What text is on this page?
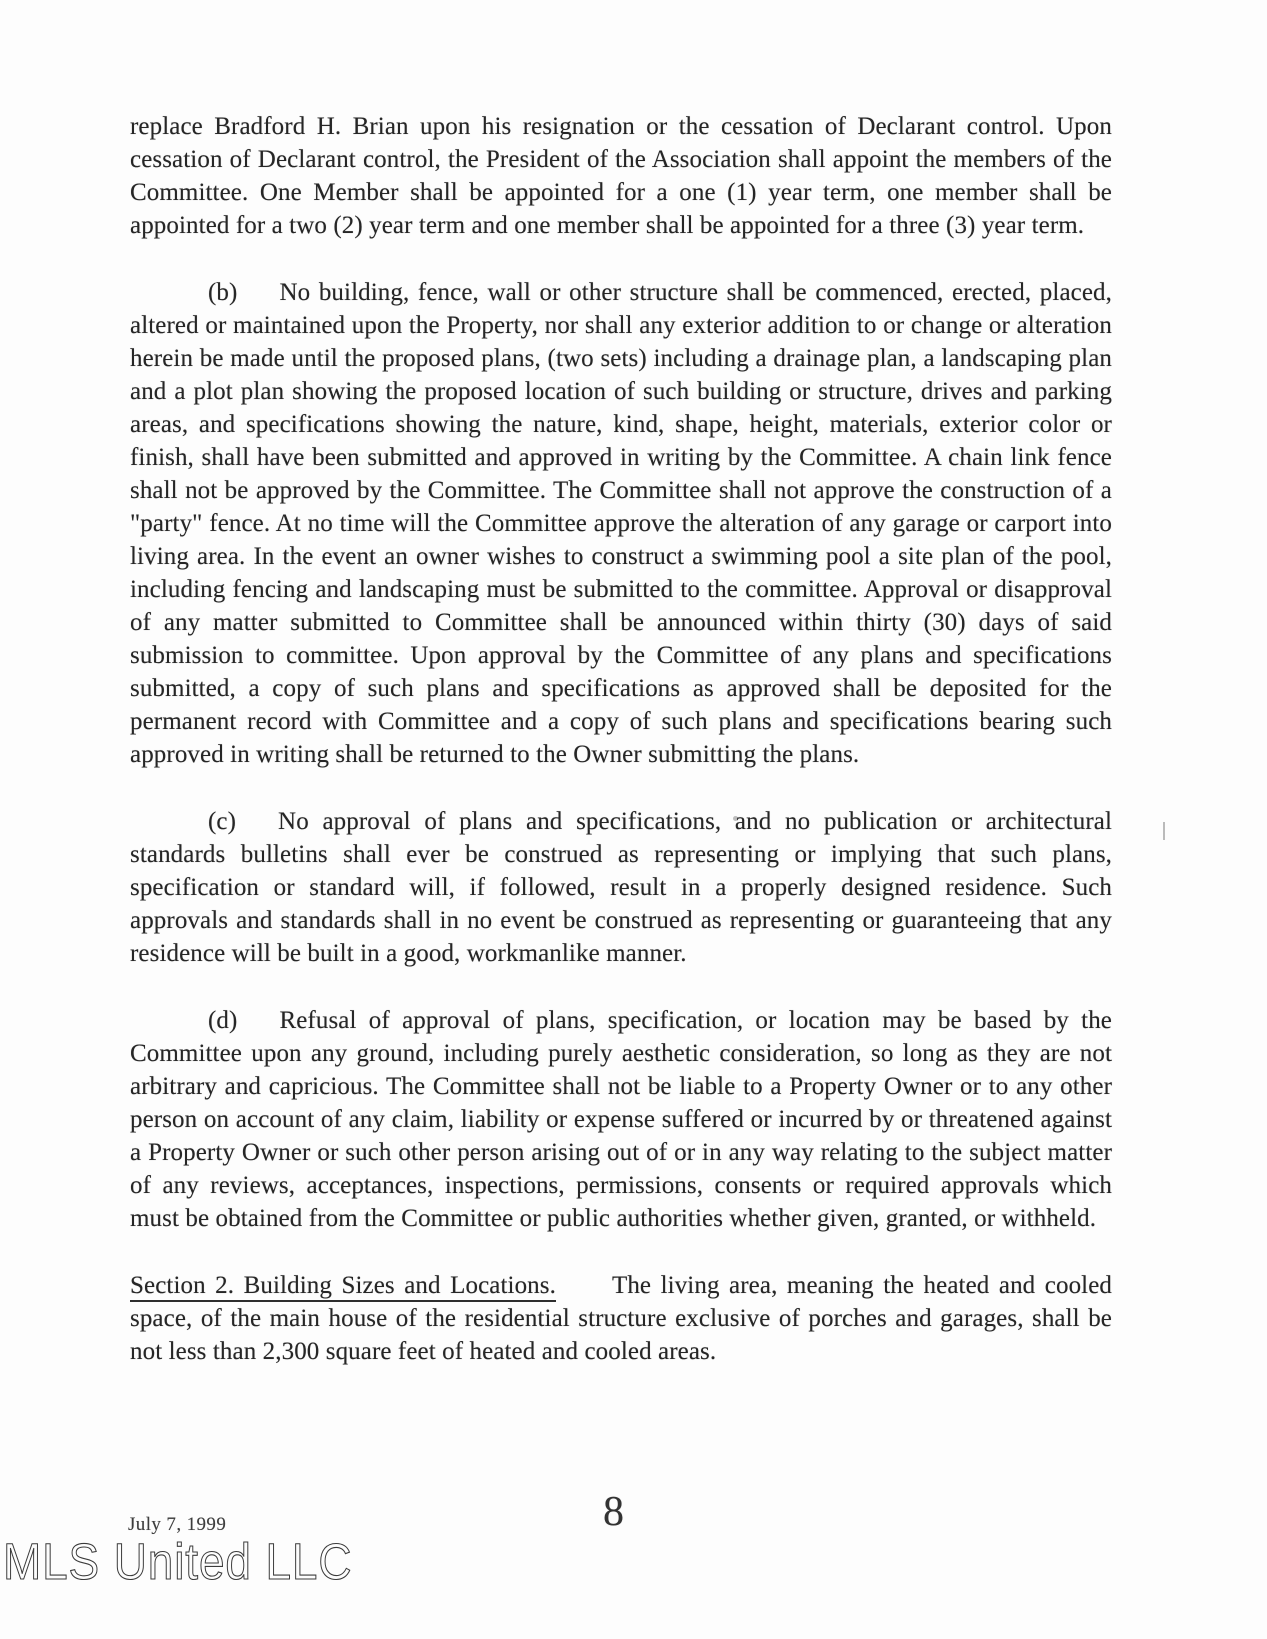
replace Bradford H. Brian upon his resignation or the cessation of Declarant control. Upon cessation of Declarant control, the President of the Association shall appoint the members of the Committee. One Member shall be appointed for a one (1) year term, one member shall be appointed for a two (2) year term and one member shall be appointed for a three (3) year term.

(b) No building, fence, wall or other structure shall be commenced, erected, placed, altered or maintained upon the Property, nor shall any exterior addition to or change or alteration herein be made until the proposed plans, (two sets) including a drainage plan, a landscaping plan and a plot plan showing the proposed location of such building or structure, drives and parking areas, and specifications showing the nature, kind, shape, height, materials, exterior color or finish, shall have been submitted and approved in writing by the Committee. A chain link fence shall not be approved by the Committee. The Committee shall not approve the construction of a "party" fence. At no time will the Committee approve the alteration of any garage or carport into living area. In the event an owner wishes to construct a swimming pool a site plan of the pool, including fencing and landscaping must be submitted to the committee. Approval or disapproval of any matter submitted to Committee shall be announced within thirty (30) days of said submission to committee. Upon approval by the Committee of any plans and specifications submitted, a copy of such plans and specifications as approved shall be deposited for the permanent record with Committee and a copy of such plans and specifications bearing such approved in writing shall be returned to the Owner submitting the plans.

(c) No approval of plans and specifications, and no publication or architectural standards bulletins shall ever be construed as representing or implying that such plans, specification or standard will, if followed, result in a properly designed residence. Such approvals and standards shall in no event be construed as representing or guaranteeing that any residence will be built in a good, workmanlike manner.

(d) Refusal of approval of plans, specification, or location may be based by the Committee upon any ground, including purely aesthetic consideration, so long as they are not arbitrary and capricious. The Committee shall not be liable to a Property Owner or to any other person on account of any claim, liability or expense suffered or incurred by or threatened against a Property Owner or such other person arising out of or in any way relating to the subject matter of any reviews, acceptances, inspections, permissions, consents or required approvals which must be obtained from the Committee or public authorities whether given, granted, or withheld.

Section 2. Building Sizes and Locations. The living area, meaning the heated and cooled space, of the main house of the residential structure exclusive of porches and garages, shall be not less than 2,300 square feet of heated and cooled areas.

July 7, 1999	8
MLS United LLC
